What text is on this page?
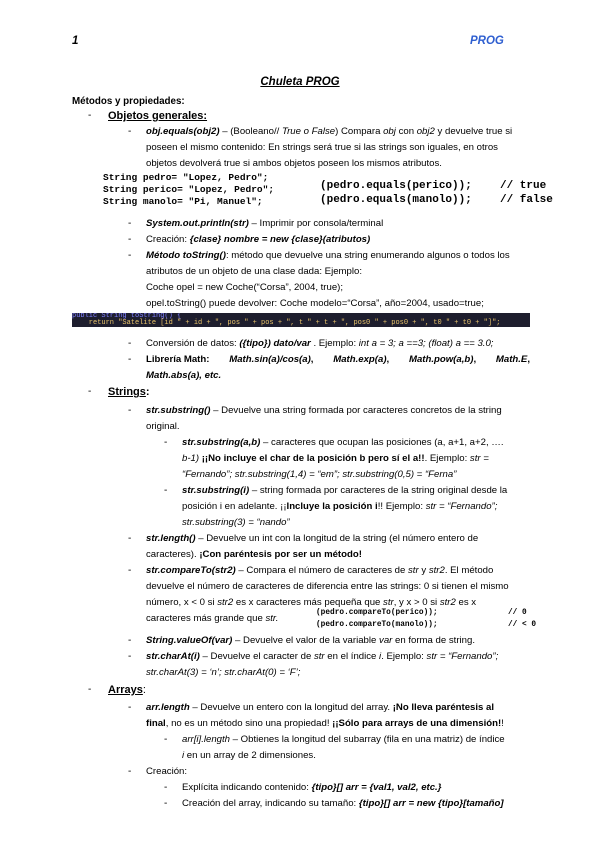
1	PROG
Chuleta PROG
Métodos y propiedades:
- Objetos generales:
- obj.equals(obj2) – (Booleano// True o False) Compara obj con obj2 y devuelve true si
poseen el mismo contenido: En strings será true si las strings son iguales, en otros
objetos devolverá true si ambos objetos poseen los mismos atributos.
String pedro= "Lopez, Pedro";
String perico= "Lopez, Pedro";
String manolo= "Pi, Manuel";
(pedro.equals(perico));	// true
(pedro.equals(manolo));	// false
- System.out.println(str) – Imprimir por consola/terminal
- Creación: {clase} nombre = new {clase}(atributos)
- Método toString(): método que devuelve una string enumerando algunos o todos los
atributos de un objeto de una clase dada: Ejemplo:
Coche opel = new Coche(“Corsa”, 2004, true);
opel.toString() puede devolver: Coche modelo=“Corsa”, año=2004, usado=true;
public String toString() {
return "Satelite [id " + id + ", pos " + pos + ", t " + t + ", pos0 " + pos0 + ", t0 " + t0 + "]";
- Conversión de datos: ({tipo}) dato/var . Ejemplo: int a = 3; a ==3; (float) a == 3.0;
- Librería Math: Math.sin(a)/cos(a), Math.exp(a), Math.pow(a,b), Math.E,
Math.abs(a), etc.
- Strings:
- str.substring() – Devuelve una string formada por caracteres concretos de la string
original.
- str.substring(a,b) – caracteres que ocupan las posiciones (a, a+1, a+2, ….
b-1) ¡¡No incluye el char de la posición b pero sí el a!!. Ejemplo: str =
“Fernando”; str.substring(1,4) = “em”; str.substring(0,5) = “Ferna”
- str.substring(i) – string formada por caracteres de la string original desde la
posición i en adelante. ¡¡Incluye la posición i!! Ejemplo: str = “Fernando”;
str.substring(3) = “nando”
- str.length() – Devuelve un int con la longitud de la string (el número entero de
caracteres). ¡Con paréntesis por ser un método!
- str.compareTo(str2) – Compara el número de caracteres de str y str2. El método
devuelve el número de caracteres de diferencia entre las strings: 0 si tienen el mismo
número, x < 0 si str2 es x caracteres más pequeña que str, y x > 0 si str2 es x
caracteres más grande que str.	(pedro.compareTo(perico));	// 0
(pedro.compareTo(manolo));	// < 0
- String.valueOf(var) – Devuelve el valor de la variable var en forma de string.
- str.charAt(i) – Devuelve el caracter de str en el índice i. Ejemplo: str = “Fernando”;
str.charAt(3) = ‘n’; str.charAt(0) = ‘F’;
- Arrays:
- arr.length – Devuelve un entero con la longitud del array. ¡No lleva paréntesis al
final, no es un método sino una propiedad! ¡¡Sólo para arrays de una dimensión!!
- arr[i].length – Obtienes la longitud del subarray (fila en una matriz) de índice
i en un array de 2 dimensiones.
- Creación:
- Explícita indicando contenido: {tipo}[] arr = {val1, val2, etc.}
- Creación del array, indicando su tamaño: {tipo}[] arr = new {tipo}[tamaño]
